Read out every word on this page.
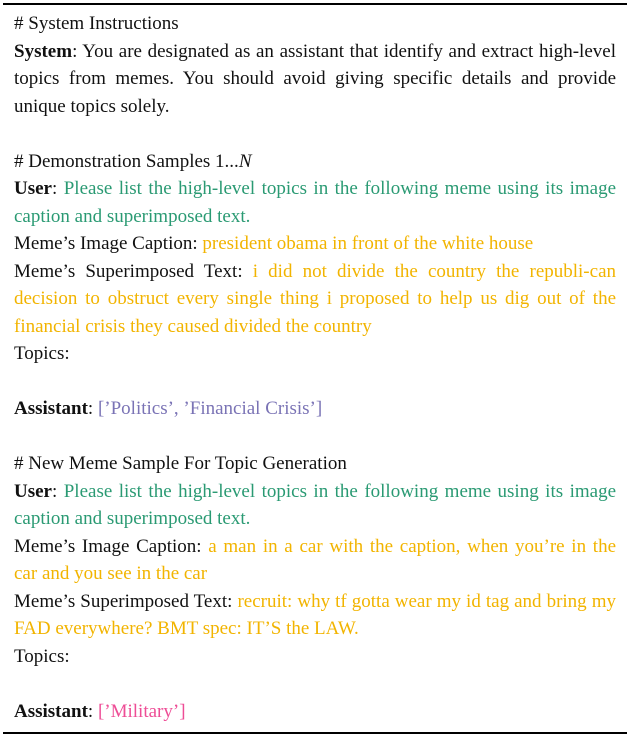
# System Instructions
System: You are designated as an assistant that identify and extract high-level topics from memes. You should avoid giving specific details and provide unique topics solely.
# Demonstration Samples 1...N
User: Please list the high-level topics in the following meme using its image caption and superimposed text.
Meme’s Image Caption: president obama in front of the white house
Meme’s Superimposed Text: i did not divide the country the republi-can decision to obstruct every single thing i proposed to help us dig out of the financial crisis they caused divided the country
Topics:
Assistant: [’Politics’, ’Financial Crisis’]
# New Meme Sample For Topic Generation
User: Please list the high-level topics in the following meme using its image caption and superimposed text.
Meme’s Image Caption: a man in a car with the caption, when you’re in the car and you see in the car
Meme’s Superimposed Text: recruit: why tf gotta wear my id tag and bring my FAD everywhere? BMT spec: IT’S the LAW.
Topics:
Assistant: [’Military’]
